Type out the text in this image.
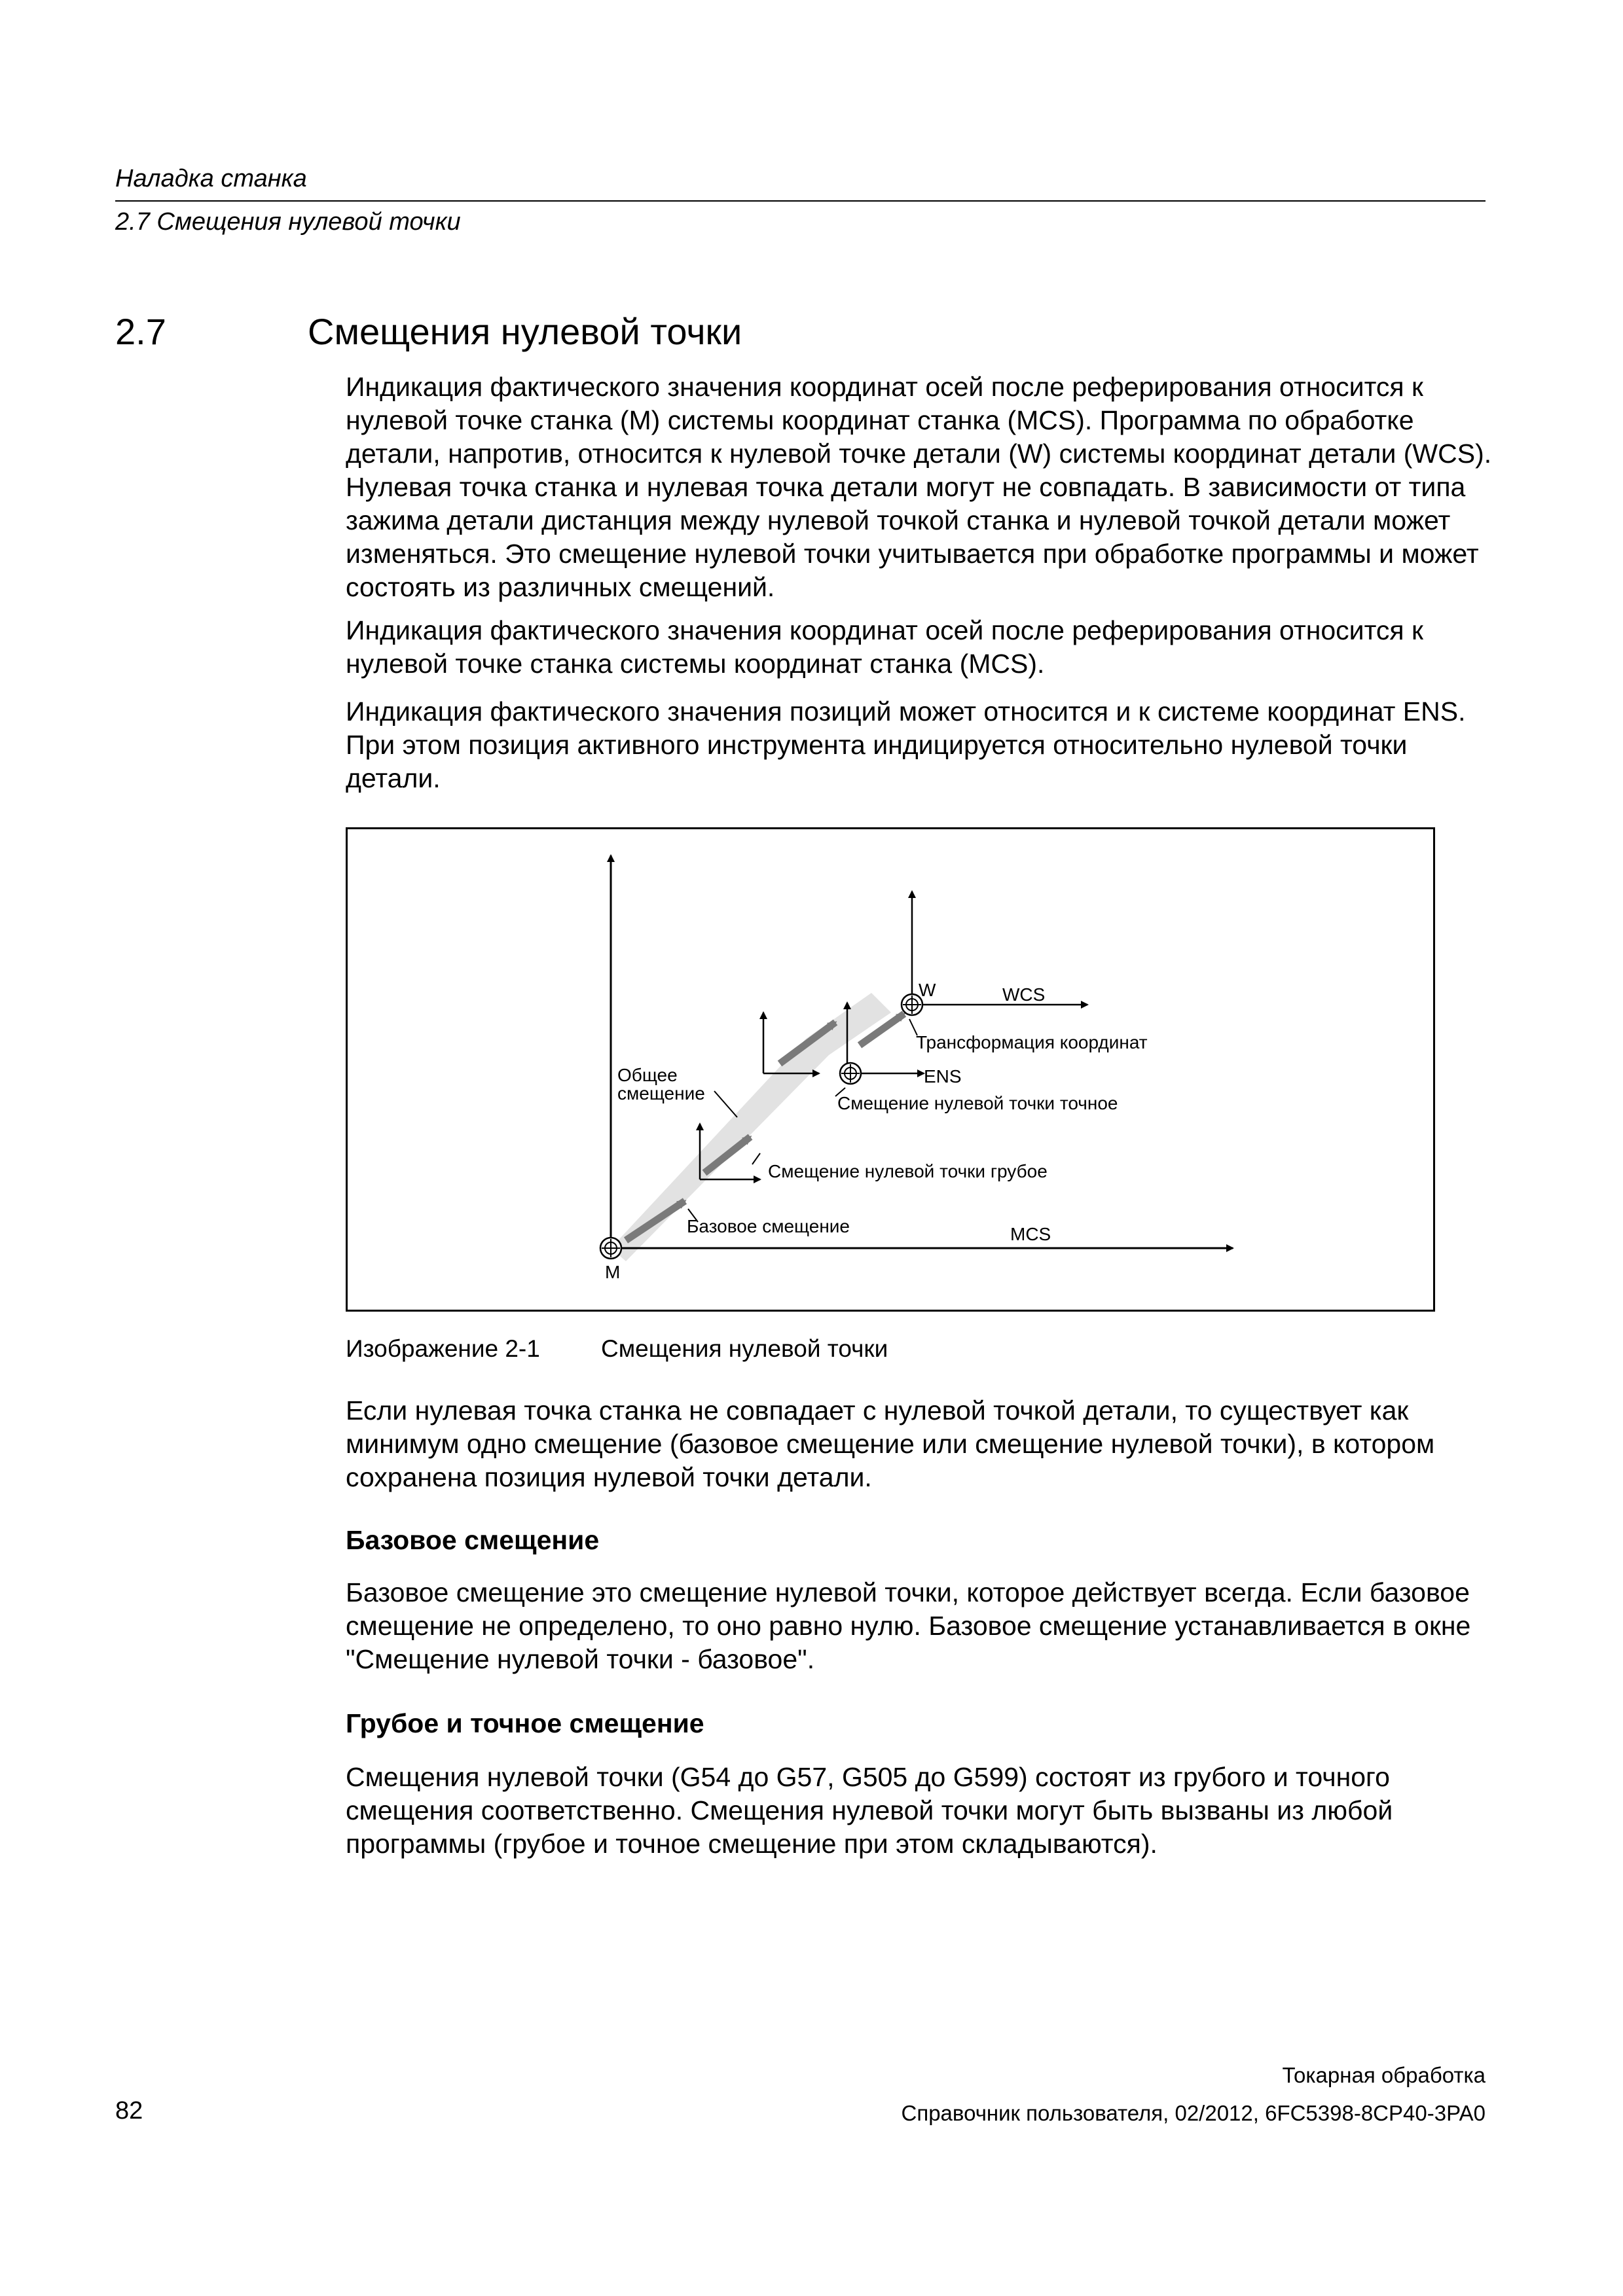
Наладка станка
2.7 Смещения нулевой точки
2.7	Смещения нулевой точки

Индикация фактического значения координат осей после реферирования относится к нулевой точке станка (M) системы координат станка (MCS). Программа по обработке детали, напротив, относится к нулевой точке детали (W) системы координат детали (WCS). Нулевая точка станка и нулевая точка детали могут не совпадать. В зависимости от типа зажима детали дистанция между нулевой точкой станка и нулевой точкой детали может изменяться. Это смещение нулевой точки учитывается при обработке программы и может состоять из различных смещений.

Индикация фактического значения координат осей после реферирования относится к нулевой точке станка системы координат станка (MCS).

Индикация фактического значения позиций может относится и к системе координат ENS. При этом позиция активного инструмента индицируется относительно нулевой точки детали.

W	WCS
Трансформация координат
ENS
Смещение нулевой точки точное
Общее
смещение
Смещение нулевой точки грубое
Базовое смещение	MCS
M
Изображение 2-1	Смещения нулевой точки

Если нулевая точка станка не совпадает с нулевой точкой детали, то существует как минимум одно смещение (базовое смещение или смещение нулевой точки), в котором сохранена позиция нулевой точки детали.

Базовое смещение

Базовое смещение это смещение нулевой точки, которое действует всегда. Если базовое смещение не определено, то оно равно нулю. Базовое смещение устанавливается в окне "Смещение нулевой точки - базовое".

Грубое и точное смещение

Смещения нулевой точки (G54 до G57, G505 до G599) состоят из грубого и точного смещения соответственно. Смещения нулевой точки могут быть вызваны из любой программы (грубое и точное смещение при этом складываются).

Токарная обработка
Справочник пользователя, 02/2012, 6FC5398-8CP40-3PA0
82
